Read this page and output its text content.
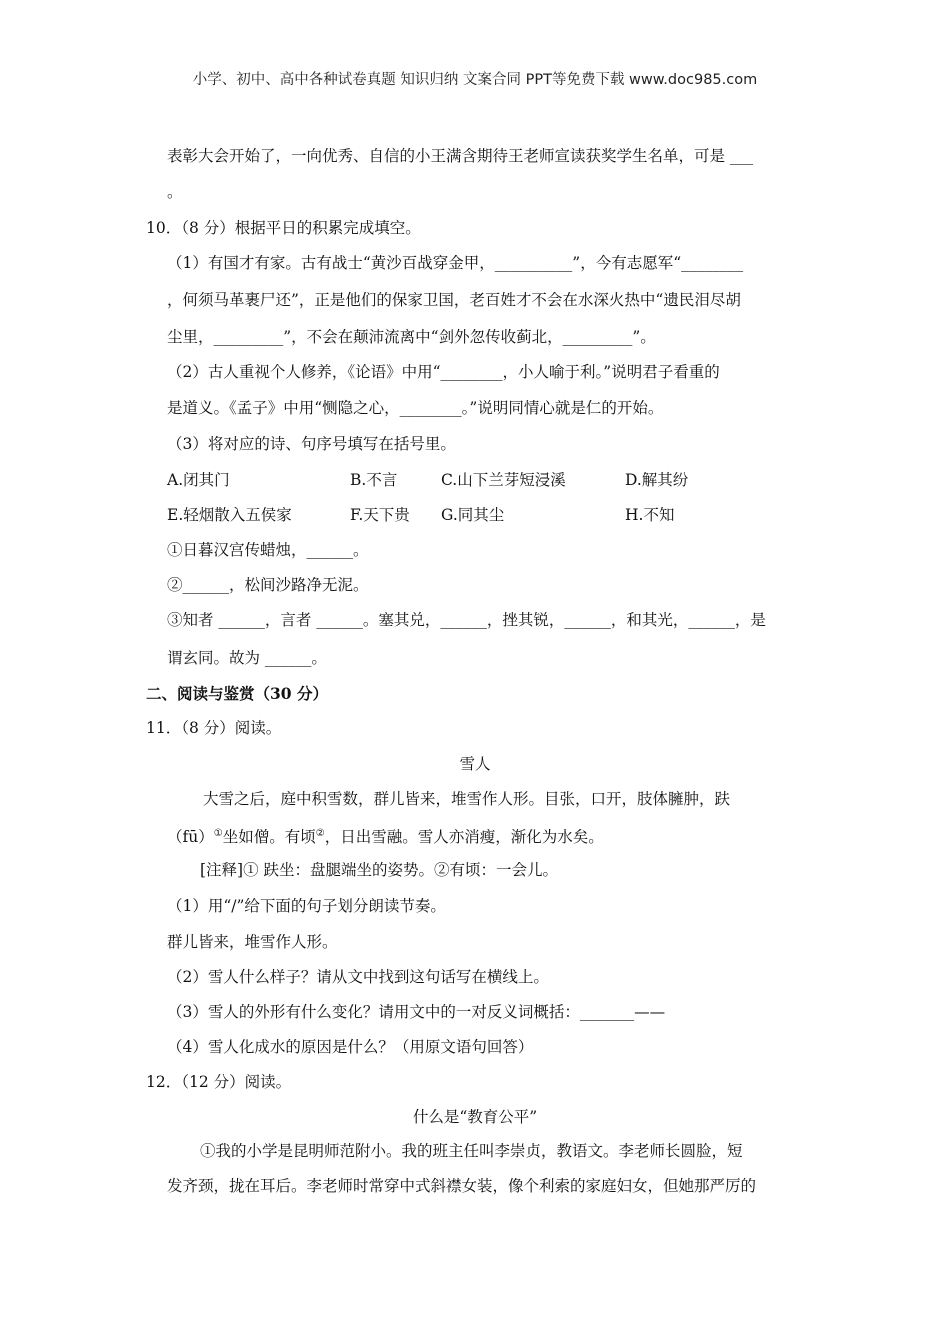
小学、初中、高中各种试卷真题 知识归纳 文案合同 PPT等免费下载 www.doc985.com
表彰大会开始了，一向优秀、自信的小王满含期待王老师宣读获奖学生名单，可是 ___
。
10．（8 分）根据平日的积累完成填空。
（1）有国才有家。古有战士“黄沙百战穿金甲，__________”，今有志愿军“________
，何须马革裹尸还”，正是他们的保家卫国，老百姓才不会在水深火热中“遗民泪尽胡
尘里，_________”，不会在颠沛流离中“剑外忽传收蓟北，_________”。
（2）古人重视个人修养，《论语》中用“________，小人喻于利。”说明君子看重的
是道义。《孟子》中用“恻隐之心，________。”说明同情心就是仁的开始。
（3）将对应的诗、句序号填写在括号里。
A.闭其门	B.不言	C.山下兰芽短浸溪	D.解其纷
E.轻烟散入五侯家	F.天下贵 G.同其尘	H.不知
①日暮汉宫传蜡烛，______。
②______，松间沙路净无泥。
③知者 ______，言者 ______。塞其兑，______，挫其锐，______，和其光，______，是
谓玄同。故为 ______。
二、阅读与鉴赏（30 分）
11．（8 分）阅读。
雪人
大雪之后，庭中积雪数，群儿皆来，堆雪作人形。目张，口开，肢体臃肿，趺
（fū）①坐如僧。有顷②，日出雪融。雪人亦消瘦，渐化为水矣。
[注释]① 趺坐：盘腿端坐的姿势。②有顷：一会儿。
（1）用“/”给下面的句子划分朗读节奏。
群儿皆来，堆雪作人形。
（2）雪人什么样子？请从文中找到这句话写在横线上。
（3）雪人的外形有什么变化？请用文中的一对反义词概括：_______——
（4）雪人化成水的原因是什么？（用原文语句回答）
12．（12 分）阅读。
什么是“教育公平”
①我的小学是昆明师范附小。我的班主任叫李崇贞，教语文。李老师长圆脸，短
发齐颈，拢在耳后。李老师时常穿中式斜襟女装，像个利索的家庭妇女，但她那严厉的
